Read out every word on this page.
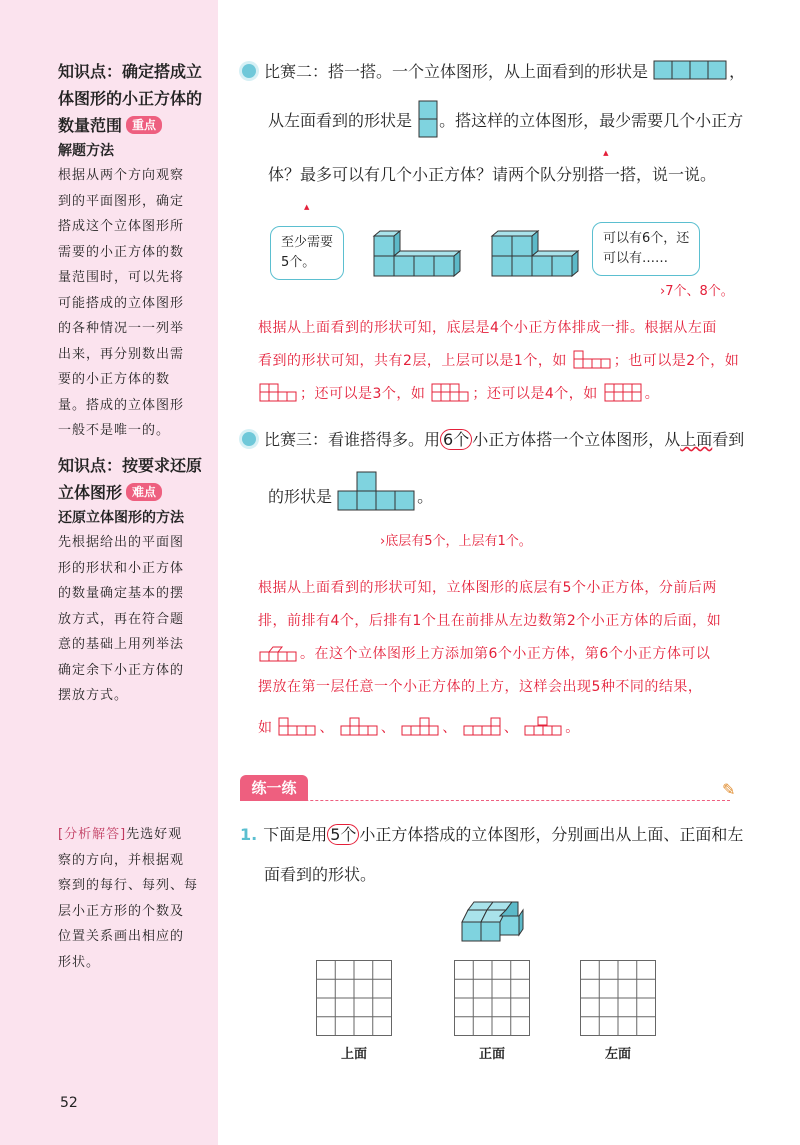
知识点：确定搭成立
体图形的小正方体的
数量范围 重点
解题方法
根据从两个方向观察
到的平面图形，确定
搭成这个立体图形所
需要的小正方体的数
量范围时，可以先将
可能搭成的立体图形
的各种情况一一列举
出来，再分别数出需
要的小正方体的数
量。搭成的立体图形
一般不是唯一的。
知识点：按要求还原
立体图形 难点
还原立体图形的方法
先根据给出的平面图
形的形状和小正方体
的数量确定基本的摆
放方式，再在符合题
意的基础上用列举法
确定余下小正方体的
摆放方式。
[分析解答]先选好观
察的方向，并根据观
察到的每行、每列、每
层小正方形的个数及
位置关系画出相应的
形状。
52
比赛二：搭一搭。一个立体图形，从上面看到的形状是	，
从左面看到的形状是 。搭这样的立体图形，最少 ▲需要几个小正方
体？最多 ▲可以有几个小正方体？请两个队分别搭一搭，说一说。
至少需要
5个。
可以有6个，还
可以有……
›7个、8个。
根据从上面看到的形状可知，底层是4个小正方体排成一排。根据从左面
看到的形状可知，共有2层，上层可以是1个，如	；也可以是2个，如
；还可以是3个，如	；还可以是4个，如	。
比赛三：看谁搭得多。用 6个 小正方体搭一个立体图形，从上面看到
的形状是	。
›底层有5个，上层有1个。
根据从上面看到的形状可知，立体图形的底层有5个小正方体，分前后两
排，前排有4个，后排有1个且在前排从左边数第2个小正方体的后面，如
。在这个立体图形上方添加第6个小正方体，第6个小正方体可以
摆放在第一层任意一个小正方体的上方，这样会出现5种不同的结果，
如	、	、	、	、	。
练一练	✎
1. 下面是用 5个 小正方体搭成的立体图形，分别画出从上面、正面和左
面看到的形状。
上面	正面	左面
